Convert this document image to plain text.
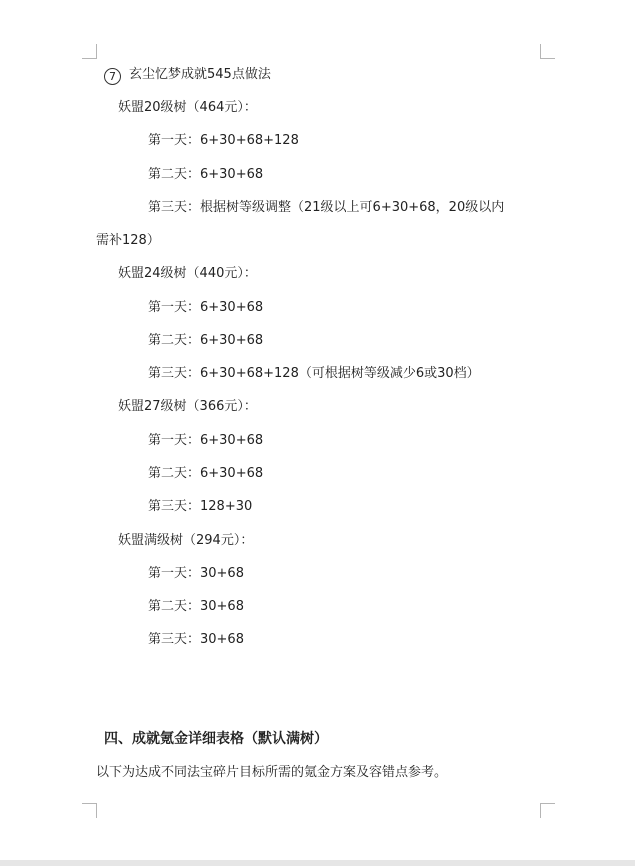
7 玄尘忆梦成就545点做法
妖盟20级树（464元）：
第一天：6+30+68+128
第二天：6+30+68
第三天：根据树等级调整（21级以上可6+30+68，20级以内
需补128）
妖盟24级树（440元）：
第一天：6+30+68
第二天：6+30+68
第三天：6+30+68+128（可根据树等级减少6或30档）
妖盟27级树（366元）：
第一天：6+30+68
第二天：6+30+68
第三天：128+30
妖盟满级树（294元）：
第一天：30+68
第二天：30+68
第三天：30+68
四、成就氪金详细表格（默认满树）
以下为达成不同法宝碎片目标所需的氪金方案及容错点参考。
